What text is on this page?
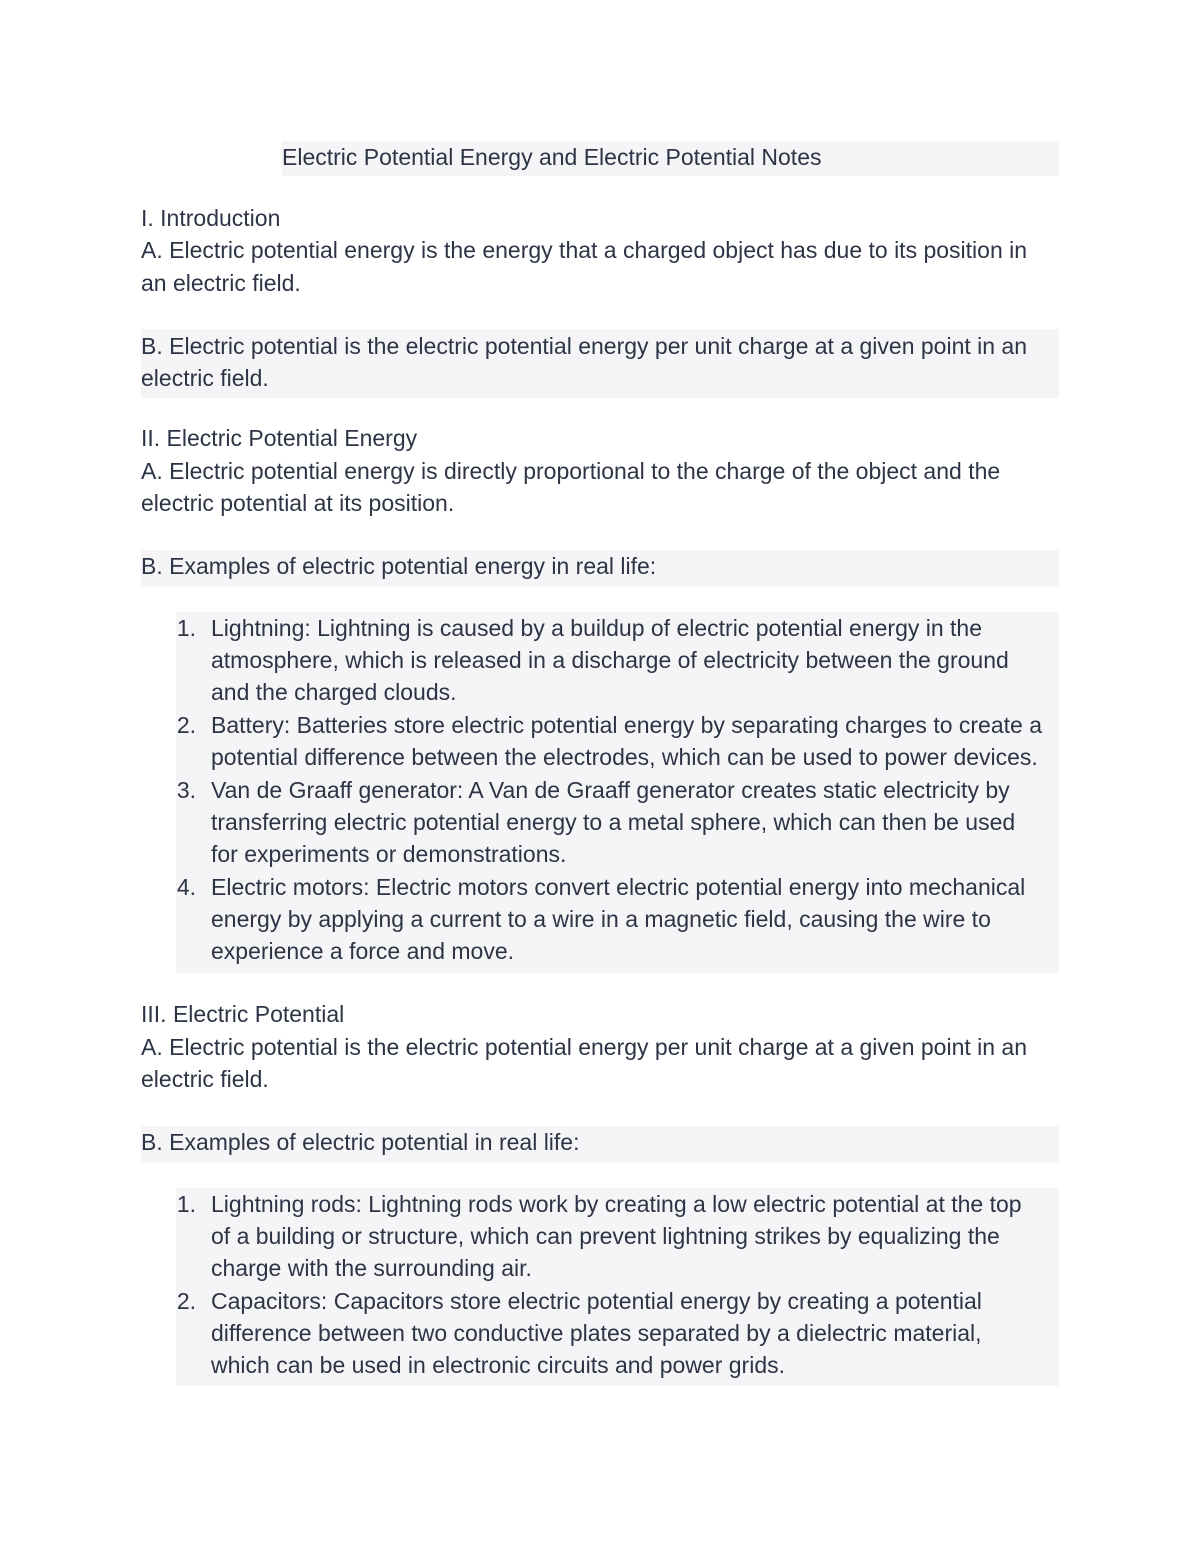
Electric Potential Energy and Electric Potential Notes
I. Introduction
A. Electric potential energy is the energy that a charged object has due to its position in
an electric field.
B. Electric potential is the electric potential energy per unit charge at a given point in an
electric field.
II. Electric Potential Energy
A. Electric potential energy is directly proportional to the charge of the object and the
electric potential at its position.
B. Examples of electric potential energy in real life:
1. Lightning: Lightning is caused by a buildup of electric potential energy in the
atmosphere, which is released in a discharge of electricity between the ground
and the charged clouds.
2. Battery: Batteries store electric potential energy by separating charges to create a
potential difference between the electrodes, which can be used to power devices.
3. Van de Graaff generator: A Van de Graaff generator creates static electricity by
transferring electric potential energy to a metal sphere, which can then be used
for experiments or demonstrations.
4. Electric motors: Electric motors convert electric potential energy into mechanical
energy by applying a current to a wire in a magnetic field, causing the wire to
experience a force and move.
III. Electric Potential
A. Electric potential is the electric potential energy per unit charge at a given point in an
electric field.
B. Examples of electric potential in real life:
1. Lightning rods: Lightning rods work by creating a low electric potential at the top
of a building or structure, which can prevent lightning strikes by equalizing the
charge with the surrounding air.
2. Capacitors: Capacitors store electric potential energy by creating a potential
difference between two conductive plates separated by a dielectric material,
which can be used in electronic circuits and power grids.
